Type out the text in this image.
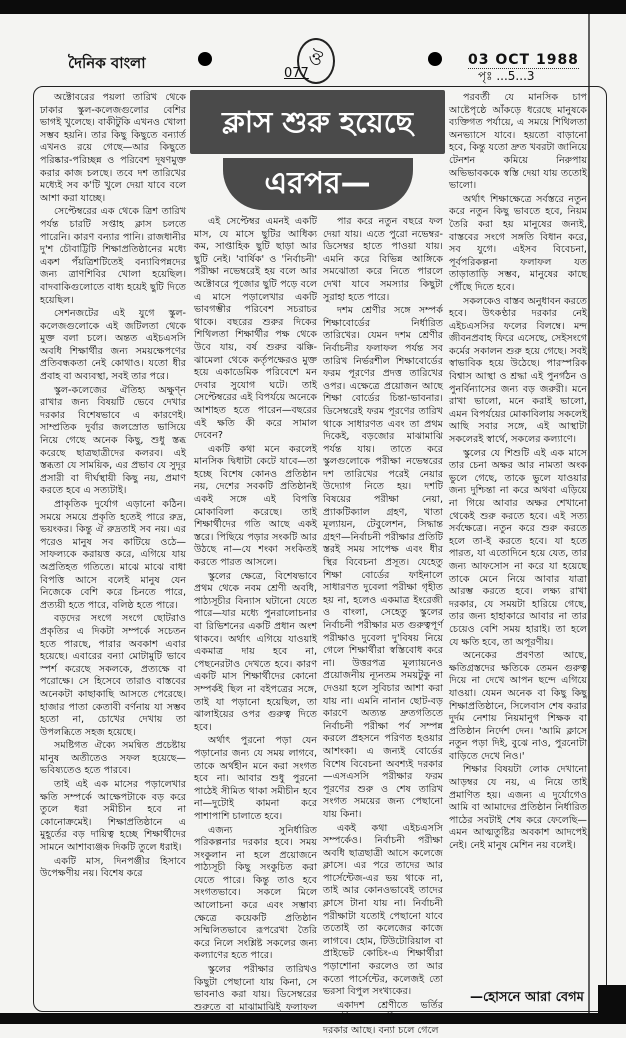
দৈনিক বাংলা	ঔ	03 OCT 1988
077	পৃঃ ...5...3
ক্লাস শুরু হয়েছে
এরপর—

অক্টোবরের পয়লা তারিখ থেকে ঢাকার স্কুল-কলেজগুলোর বেশির ভাগই খুলেছে। বাকীটুকি এখনও খোলা সম্ভব হয়নি। তার কিছু কিছুতে বন্যার্ত এখনও রয়ে গেছে—আর কিছুতে পরিষ্কার-পরিচ্ছন্ন ও পরিবেশ দূষণমুক্ত করার কাজ চলছে। তবে দশ তারিখের মধ্যেই সব ক'টি খুলে দেয়া যাবে বলে আশা করা যাচ্ছে।

সেপ্টেম্বরের এক থেকে ত্রিশ তারিখ পর্যন্ত চারটি সপ্তাহ ক্লাস চলতে পারেনি। কারণ বন্যার পানি। রাজধানীর দু'শ চৌবাট্টিটি শিক্ষাপ্রতিষ্ঠানের মধ্যে একশ পঁয়ত্রিশটিতেই বন্যাবিপন্নদের জন্য ত্রাণশিবির খোলা হয়েছিল। বাদবাকিগুলোতে বাধ্য হয়েই ছুটি দিতে হয়েছিল।

সেশনজটের এই যুগে স্কুল-কলেজগুলোকে এই জটিলতা থেকে মুক্ত বলা চলে। অন্তত এইচএসসি অবধি শিক্ষার্থীর জন্য সময়ক্ষেপণের প্রতিবন্ধকতা নেই কোথাও। যতো ধীর প্রবাহ বা অব্যবস্থা, সবই তার পরে।

স্কুল-কলেজের ঐতিহ্য অক্ষুণ্ন রাখার জন্য বিষয়টি ভেবে দেখার দরকার বিশেষভাবে এ কারণেই। সাম্প্রতিক দুর্বার জলস্রোত ভাসিয়ে নিয়ে গেছে অনেক কিছু, শুধু স্তব্ধ করেছে ছাত্রছাত্রীদের কলরব। এই স্তব্ধতা যে সাময়িক, এর প্রভাব যে সুদূর প্রসারী বা দীর্ঘস্থায়ী কিছু নয়, প্রমাণ করতে হবে এ সত্যটাই।

প্রাকৃতিক দুর্যোগ এড়ানো কঠিন। সময়ে সময়ে প্রকৃতি হতেই পারে রুদ্র, ভয়ংকর। কিন্তু ঐ রুদ্রতাই সব নয়। এর পরেও মানুষ সব কাটিয়ে ওঠে—সাফল্যকে করায়ত্ত করে, এগিয়ে যায় অপ্রতিহত গতিতে। মাঝে মাঝে বাধা বিপত্তি আসে বলেই মানুষ যেন নিজেকে বেশি করে চিনতে পারে, প্রত্যয়ী হতে পারে, বলিষ্ঠ হতে পারে।

বড়দের সংগে সংগে ছোটরাও প্রকৃতির এ দিকটা সম্পর্কে সচেতন হতে পারছে, পারার অবকাশ এবার হয়েছে। এবারের বন্যা মোটামুটি ভাবে স্পর্শ করেছে সকলকে, প্রত্যক্ষে বা পরোক্ষে। সে হিসেবে তারাও বাস্তবের অনেকটা কাছাকাছি আসতে পেরেছে। হাজার পাতা কেতাবী বর্ণনায় যা সম্ভব হতো না, চোখের দেখায় তা উপলব্ধিতে সহজ হয়েছে।

সমষ্টিগত ঐক্যে সমন্বিত প্রচেষ্টায় মানুষ অতীতেও সফল হয়েছে—ভবিষ্যতেও হতে পারবে।

তাই এই এক মাসের পড়ালেখার ক্ষতি সম্পর্কে আক্ষেপটাকে বড় করে তুলে ধরা সমীচীন হবে না কোনোক্রমেই। শিক্ষাপ্রতিষ্ঠানে এ মুহূর্তের বড় দায়িত্ব হচ্ছে শিক্ষার্থীদের সামনে আশাব্যঞ্জক দিকটি তুলে ধরাই।

একটি মাস, দিনপঞ্জীর হিসাবে উপেক্ষণীয় নয়। বিশেষ করে

এই সেপ্টেম্বর এমনই একটি মাস, যে মাসে ছুটির আধিক্য কম, সাপ্তাহিক ছুটি ছাড়া আর ছুটি নেই। 'বার্ষিক' ও 'নির্বাচনী' পরীক্ষা নভেম্বরেই হয় বলে আর অক্টোবরে পূজোর ছুটি পড়ে বলে এ মাসে পড়ালেখার একটি ভাবগম্ভীর পরিবেশ সচরাচর থাকে। বছরের শুরুর দিকের শিথিলতা শিক্ষার্থীর পক্ষ থেকে উবে যায়, বর্ষ শুরুর ঝক্কি-ঝামেলা থেকে কর্তৃপক্ষেরও মুক্ত হয়ে একাডেমিক পরিবেশে মন দেবার সুযোগ ঘটে। তাই সেপ্টেম্বরের এই বিপর্যয়ে অনেকে আশাহত হতে পারেন—বছরের এই ক্ষতি কী করে সামাল দেবেন?

একটি কথা মনে করলেই মানসিক দ্বিধাটা কেটে যাবে—তা হচ্ছে বিশেষ কোনও প্রতিষ্ঠান নয়, দেশের সবকটি প্রতিষ্ঠানই একই সঙ্গে এই বিপত্তি মোকাবিলা করেছে। তাই শিক্ষার্থীদের গতি আছে একই স্তরে। পিছিয়ে পড়ার সংকটি আর উঠছে না—যে শংকা সংকিতই করতে পারত আসলে।

স্কুলের ক্ষেত্রে, বিশেষভাবে প্রথম থেকে নবম শ্রেণী অবধি, পাঠ্যসূচীর বিন্যাস ঘটানো যেতে পারে—যার মধ্যে পুনরালোচনার বা রিভিশনের একটি প্রধান অংশ থাকবে। অর্থাৎ এগিয়ে যাওয়াই একমাত্র দায় হবে না, পেছনেরটাও দেখতে হবে। কারণ একটি মাস শিক্ষার্থীদের কোনো সম্পর্কই ছিল না বইপত্রের সঙ্গে, তাই যা পড়ানো হয়েছিল, তা ঝালাইয়ের ওপর গুরুত্ব দিতে হবে।

অর্থাৎ পুরনো পড়া যেন পড়ানোর জন্য যে সময় লাগবে, তাকে অর্থহীন মনে করা সংগত হবে না। আবার শুধু পুরনো পাঠেই সীমিত থাকা সমীচীন হবে না—দুটোই কামনা করে পাশাপাশি চালাতে হবে।

এজন্য সুনির্ধারিত পরিকল্পনার দরকার হবে। সময় সংকুলান না হলে প্রয়োজনে পাঠ্যসূচী কিছু সংকুচিত করা যেতে পারে। কিন্তু তাও হবে সংগতভাবে। সকলে মিলে আলোচনা করে এবং সম্ভাব্য ক্ষেত্রে কয়েকটি প্রতিষ্ঠান সম্মিলিতভাবে রূপরেখা তৈরি করে নিলে সংশ্লিষ্ট সকলের জন্য কল্যাণের হতে পারে।

স্কুলের পরীক্ষার তারিখও কিছুটা পেছানো যায় কিনা, সে ভাবনাও করা যায়। ডিসেম্বরের শুরুতে বা মাঝামাঝিই ফলাফল

পার করে নতুন বছরে ফল দেয়া যায়। এতে পুরো নভেম্বর-ডিসেম্বর হাতে পাওয়া যায়। এমনি করে বিভিন্ন আঙ্গিকে সমঝোতা করে নিতে পারলে দেখা যাবে সমস্যার কিছুটা সুরাহা হতে পারে।

দশম শ্রেণীর সঙ্গে সম্পর্ক শিক্ষাবোর্ডের নির্ধারিত তারিখের। যেমন দশম শ্রেণীর নির্বাচনীর ফলাফল পর্যন্ত সব তারিখ নির্ভরশীল শিক্ষাবোর্ডের ফরম পূরণের প্রদত্ত তারিখের ওপর। এক্ষেত্রে প্রয়োজন আছে শিক্ষা বোর্ডের চিন্তা-ভাবনার। ডিসেম্বরেই ফরম পূরণের তারিখ থাকে সাধারণত এবং তা প্রথম দিকেই, বড়জোর মাঝামাঝি পর্যন্ত যায়। তাতে করে স্কুলগুলোকে পরীক্ষা নভেম্বরের দশ তারিখের পরেই নেয়ার উদ্যোগ নিতে হয়। দশটি বিষয়ের পরীক্ষা নেয়া, প্র্যাকটিক্যাল গ্রহণ, খাতা মূল্যায়ন, টেবুলেশন, সিদ্ধান্ত গ্রহণ—নির্বাচনী পরীক্ষার প্রতিটি স্তরই সময় সাপেক্ষ এবং ধীর স্থির বিবেচনা প্রসূত। যেহেতু শিক্ষা বোর্ডের ফাইনালে সাধারণত দুবেলা পরীক্ষা গৃহীত হয় না, হলেও একমাত্র ইংরেজী ও বাংলা, সেহেতু স্কুলের নির্বাচনী পরীক্ষার মত গুরুত্বপূর্ণ পরীক্ষাও দুবেলা দু'বিষয় নিয়ে গেলে শিক্ষার্থীরা স্বস্তিবোধ করে না। উত্তরপত্র মূল্যায়নেও প্রয়োজনীয় ন্যূনতম সময়টুকু না দেওয়া হলে সুবিচার আশা করা যায় না। এমনি নানান ছোট-বড় কারণে অত্যন্ত দ্রুতগতিতে নির্বাচনী পরীক্ষা পর্ব সম্পন্ন করলে প্রহসনে পরিণত হওয়ার আশংকা। এ জন্যই বোর্ডের বিশেষ বিবেচনা অবশ্যই দরকার—এসএসসি পরীক্ষার ফরম পূরণের শুরু ও শেষ তারিখ সংগত সময়ের জন্য পেছানো যায় কিনা।

একই কথা এইচএসসি সম্পর্কেও। নির্বাচনী পরীক্ষা অবধি ছাত্রছাত্রী আসে কলেজে ক্লাসে। এর পরে তাদের আর পার্সেন্টেজ-এর ভয় থাকে না, তাই আর কোনওভাবেই তাদের ক্লাসে টানা যায় না। নির্বাচনী পরীক্ষাটা যতোই পেছানো যাবে ততোই তা কলেজের কাজে লাগবে। হোম, টিউটোরিয়াল বা প্রাইভেট কোচিং-এ শিক্ষার্থীরা পড়াশোনা করলেও তা আর কতো পার্সেন্টের, কলেজই তো ভরসা বিপুল সংখ্যকের।

একাদশ শ্রেণীতে ভর্তির দরকার আছে। বন্যা চলে গেলে

পরবর্তী যে মানসিক চাপ আষ্টেপৃষ্ঠে আঁকড়ে ধরেছে মানুষকে ব্যক্তিগত পর্যায়ে, এ সময়ে শিথিলতা অনভ্যাসে যাবে। হয়তো বাড়ানো হবে, কিন্তু যতো দ্রুত খবরটা জানিয়ে টেনশন কমিয়ে নিরুপায় অভিভাবককে স্বস্তি দেয়া যায় ততোই ভালো।

অর্থাৎ শিক্ষাক্ষেত্রে সর্বস্তরে নতুন করে নতুন কিছু ভাবতে হবে, নিয়ম তৈরি করা হয় মানুষের জন্যই, বাস্তবের সংগে সঙ্গতি বিধান করে, সব যুগে। এইসব বিবেচনা, পূর্বপরিকল্পনা ফলাফল যত তাড়াতাড়ি সম্ভব, মানুষের কাছে পৌঁছে দিতে হবে।

সকলকেও বাস্তব অনুধাবন করতে হবে। উৎকণ্ঠার দরকার নেই এইচএসসির ফলের বিলম্বে। মন্দ জীবনপ্রবাহ ফিরে এসেছে, সেইসংগে কর্মের সকালন শুরু হয়ে গেছে। সবই স্বাভাবিক হয়ে উঠেছে। পারস্পরিক বিশ্বাস আস্থা ও শ্রদ্ধা এই পুনর্গঠন ও পুনর্বিন্যাসের জন্য বড় জরুরী। মনে রাখা ভালো, মনে করাই ভালো, এমন বিপর্যয়ের মোকাবিলায় সকলেই আছি সবার সঙ্গে, এই আস্থাটা সকলেরই স্বার্থে, সকলের কল্যাণে।

স্কুলের যে শিশুটি এই এক মাসে তার চেনা অক্ষর আর নামতা অংক ভুলে গেছে, তাকে ভুলে যাওয়ার জন্য দুশ্চিন্তা না করে অথবা এড়িয়ে না গিয়ে আবার অক্ষর শেখানো থেকেই শুরু করতে হবে। এই সত্য সর্বক্ষেত্রে। নতুন করে শুরু করতে হলে তা-ই করতে হবে। যা হতে পারত, যা এতোদিনে হয়ে যেত, তার জন্য আফসোস না করে যা হয়েছে তাকে মেনে নিয়ে আবার যাত্রা আরম্ভ করতে হবে। লক্ষ্য রাখা দরকার, যে সময়টা হারিয়ে গেছে, তার জন্য হাহাকারে আবার না তার চেয়েও বেশি সময় হারাই। তা হলে যে ক্ষতি হবে, তা অপূরণীয়।

অনেকের প্রবণতা আছে, ক্ষতিগ্রস্তদের ক্ষতিকে তেমন গুরুত্ব দিয়ে না দেখে আপন ছন্দে এগিয়ে যাওয়া। যেমন অনেক বা কিছু কিছু শিক্ষাপ্রতিষ্ঠানে, সিলেবাস শেষ করার দুর্দম নেশায় নিয়মানুগ শিক্ষক বা প্রতিষ্ঠান নির্দেশ দেন। 'আমি ক্লাসে নতুন পড়া দিই, বুঝে নাও, পুরনোটা বাড়িতে দেখে নিও।'

শিক্ষার বিষয়টা লোক দেখানো আড়ম্বর যে নয়, এ নিয়ে তাই প্রমাণিত হয়। এজন্য এ দুর্যোগেও আমি বা আমাদের প্রতিষ্ঠান নির্ধারিত পাঠের সবটাই শেষ করে ফেলেছি—এমন আত্মতুষ্টির অবকাশ আদপেই নেই। নেই মানুষ মেশিন নয় বলেই।

—হোসনে আরা বেগম
